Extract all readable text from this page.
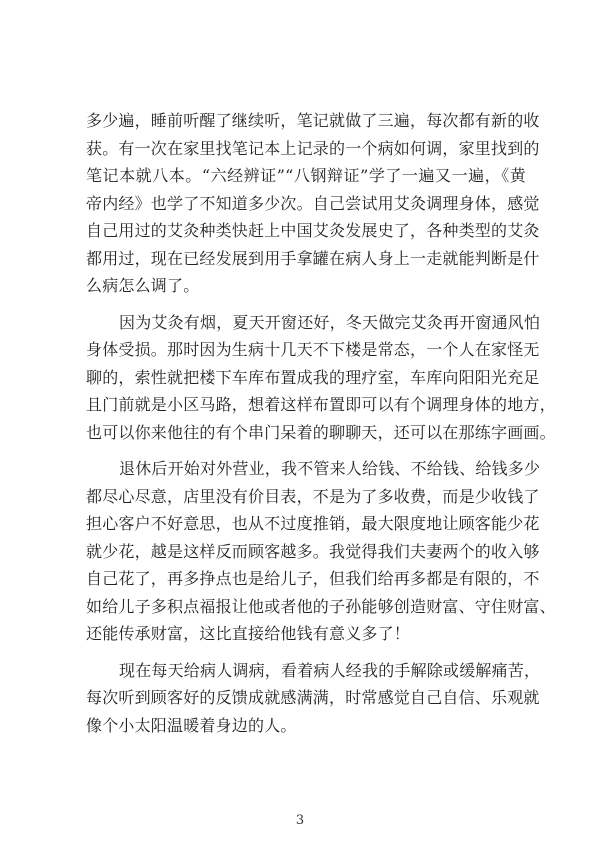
多少遍，睡前听醒了继续听，笔记就做了三遍，每次都有新的收
获。有一次在家里找笔记本上记录的一个病如何调，家里找到的
笔记本就八本。“六经辨证”“八钢辩证”学了一遍又一遍，《黄
帝内经》也学了不知道多少次。自己尝试用艾灸调理身体，感觉
自己用过的艾灸种类快赶上中国艾灸发展史了，各种类型的艾灸
都用过，现在已经发展到用手拿罐在病人身上一走就能判断是什
么病怎么调了。
因为艾灸有烟，夏天开窗还好，冬天做完艾灸再开窗通风怕
身体受损。那时因为生病十几天不下楼是常态，一个人在家怪无
聊的，索性就把楼下车库布置成我的理疗室，车库向阳阳光充足
且门前就是小区马路，想着这样布置即可以有个调理身体的地方，
也可以你来他往的有个串门呆着的聊聊天，还可以在那练字画画。
退休后开始对外营业，我不管来人给钱、不给钱、给钱多少
都尽心尽意，店里没有价目表，不是为了多收费，而是少收钱了
担心客户不好意思，也从不过度推销，最大限度地让顾客能少花
就少花，越是这样反而顾客越多。我觉得我们夫妻两个的收入够
自己花了，再多挣点也是给儿子，但我们给再多都是有限的，不
如给儿子多积点福报让他或者他的子孙能够创造财富、守住财富、
还能传承财富，这比直接给他钱有意义多了！
现在每天给病人调病，看着病人经我的手解除或缓解痛苦，
每次听到顾客好的反馈成就感满满，时常感觉自己自信、乐观就
像个小太阳温暖着身边的人。
3
